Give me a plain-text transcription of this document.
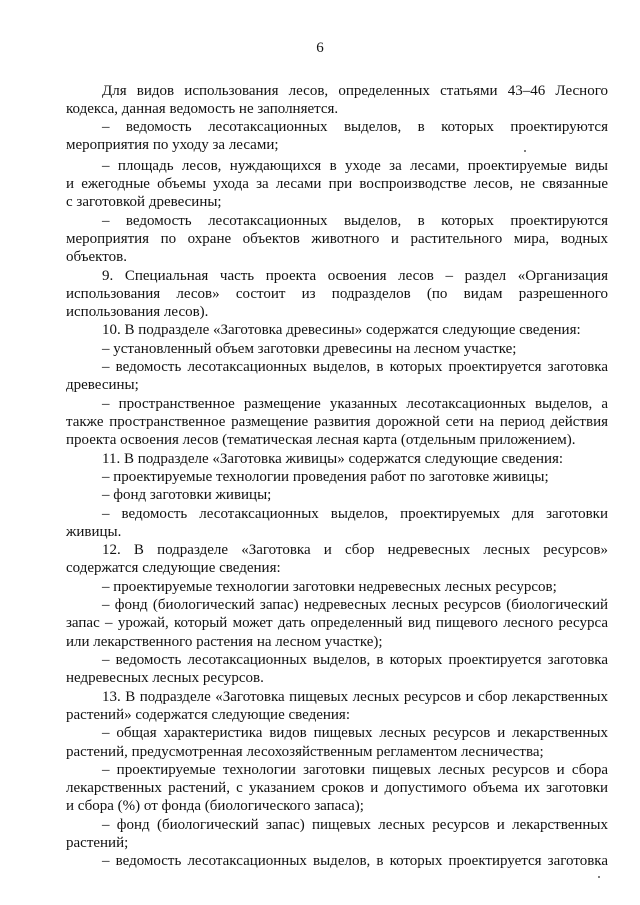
6
Для видов использования лесов, определенных статьями 43–46 Лесного
кодекса, данная ведомость не заполняется.
– ведомость лесотаксационных выделов, в которых проектируются
мероприятия по уходу за лесами;
– площадь лесов, нуждающихся в уходе за лесами, проектируемые виды
и ежегодные объемы ухода за лесами при воспроизводстве лесов, не связанные
с заготовкой древесины;
– ведомость лесотаксационных выделов, в которых проектируются
мероприятия по охране объектов животного и растительного мира, водных
объектов.
9. Специальная часть проекта освоения лесов – раздел «Организация
использования лесов» состоит из подразделов (по видам разрешенного
использования лесов).
10. В подразделе «Заготовка древесины» содержатся следующие сведения:
– установленный объем заготовки древесины на лесном участке;
– ведомость лесотаксационных выделов, в которых проектируется заготовка
древесины;
– пространственное размещение указанных лесотаксационных выделов, а
также пространственное размещение развития дорожной сети на период действия
проекта освоения лесов (тематическая лесная карта (отдельным приложением).
11. В подразделе «Заготовка живицы» содержатся следующие сведения:
– проектируемые технологии проведения работ по заготовке живицы;
– фонд заготовки живицы;
– ведомость лесотаксационных выделов, проектируемых для заготовки
живицы.
12. В подразделе «Заготовка и сбор недревесных лесных ресурсов»
содержатся следующие сведения:
– проектируемые технологии заготовки недревесных лесных ресурсов;
– фонд (биологический запас) недревесных лесных ресурсов (биологический
запас – урожай, который может дать определенный вид пищевого лесного ресурса
или лекарственного растения на лесном участке);
– ведомость лесотаксационных выделов, в которых проектируется заготовка
недревесных лесных ресурсов.
13. В подразделе «Заготовка пищевых лесных ресурсов и сбор лекарственных
растений» содержатся следующие сведения:
– общая характеристика видов пищевых лесных ресурсов и лекарственных
растений, предусмотренная лесохозяйственным регламентом лесничества;
– проектируемые технологии заготовки пищевых лесных ресурсов и сбора
лекарственных растений, с указанием сроков и допустимого объема их заготовки
и сбора (%) от фонда (биологического запаса);
– фонд (биологический запас) пищевых лесных ресурсов и лекарственных
растений;
– ведомость лесотаксационных выделов, в которых проектируется заготовка
